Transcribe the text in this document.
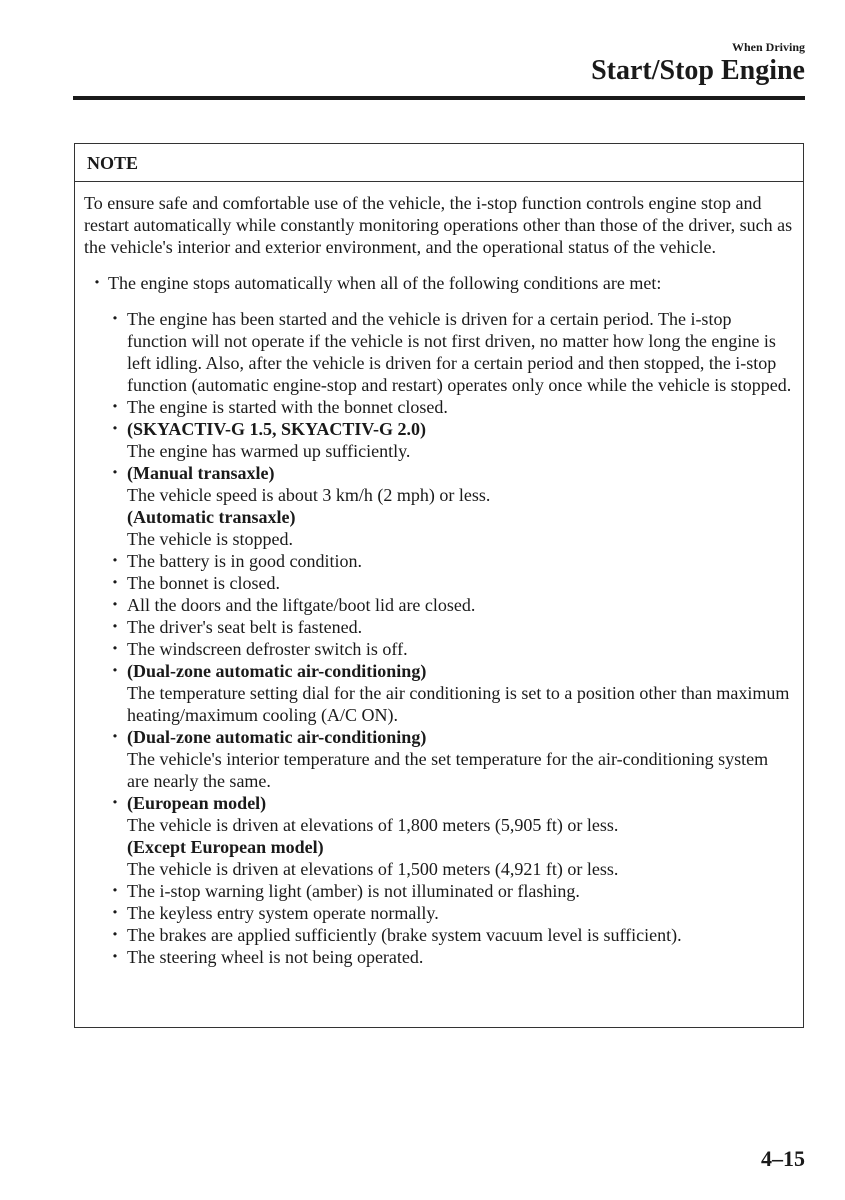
When Driving
Start/Stop Engine
NOTE

To ensure safe and comfortable use of the vehicle, the i-stop function controls engine stop and restart automatically while constantly monitoring operations other than those of the driver, such as the vehicle's interior and exterior environment, and the operational status of the vehicle.

・ The engine stops automatically when all of the following conditions are met:
・ The engine has been started and the vehicle is driven for a certain period. The i-stop function will not operate if the vehicle is not first driven, no matter how long the engine is left idling. Also, after the vehicle is driven for a certain period and then stopped, the i-stop function (automatic engine-stop and restart) operates only once while the vehicle is stopped.
・ The engine is started with the bonnet closed.
・ (SKYACTIV-G 1.5, SKYACTIV-G 2.0)
The engine has warmed up sufficiently.
・ (Manual transaxle)
The vehicle speed is about 3 km/h (2 mph) or less.
(Automatic transaxle)
The vehicle is stopped.
・ The battery is in good condition.
・ The bonnet is closed.
・ All the doors and the liftgate/boot lid are closed.
・ The driver's seat belt is fastened.
・ The windscreen defroster switch is off.
・ (Dual-zone automatic air-conditioning)
The temperature setting dial for the air conditioning is set to a position other than maximum heating/maximum cooling (A/C ON).
・ (Dual-zone automatic air-conditioning)
The vehicle's interior temperature and the set temperature for the air-conditioning system are nearly the same.
・ (European model)
The vehicle is driven at elevations of 1,800 meters (5,905 ft) or less.
(Except European model)
The vehicle is driven at elevations of 1,500 meters (4,921 ft) or less.
・ The i-stop warning light (amber) is not illuminated or flashing.
・ The keyless entry system operate normally.
・ The brakes are applied sufficiently (brake system vacuum level is sufficient).
・ The steering wheel is not being operated.
4–15
